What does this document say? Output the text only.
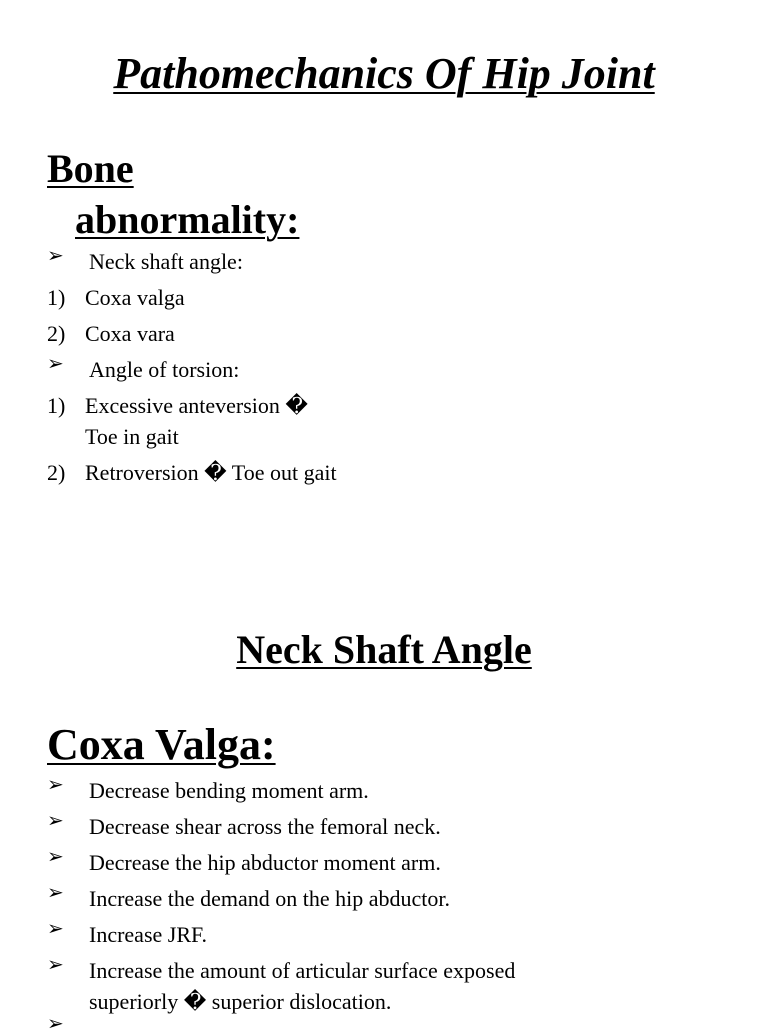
Pathomechanics Of Hip Joint
Bone
abnormality:
➢	Neck shaft angle:
1) Coxa valga
2) Coxa vara
➢	Angle of torsion:
1) Excessive anteversion �
Toe in gait
2) Retroversion � Toe out gait
Neck Shaft Angle
Coxa Valga:
➢	Decrease bending moment arm.
➢	Decrease shear across the femoral neck.
➢	Decrease the hip abductor moment arm.
➢	Increase the demand on the hip abductor.
➢	Increase JRF.
➢	Increase the amount of articular surface exposed
superiorly � superior dislocation.
➢
